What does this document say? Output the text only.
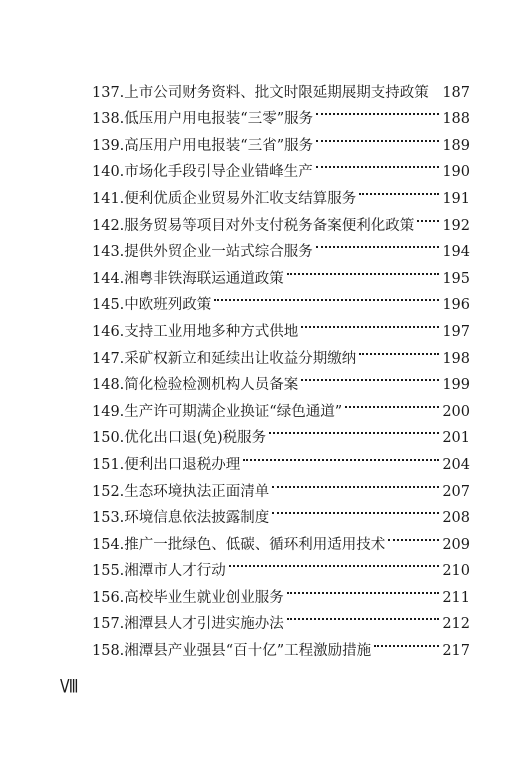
137. 上市公司财务资料、批文时限延期展期支持政策 187
138. 低压用户用电报装“三零”服务	188
139. 高压用户用电报装“三省”服务	189
140. 市场化手段引导企业错峰生产	190
141. 便利优质企业贸易外汇收支结算服务	191
142. 服务贸易等项目对外支付税务备案便利化政策 192
143. 提供外贸企业一站式综合服务	194
144. 湘粤非铁海联运通道政策	195
145. 中欧班列政策	196
146. 支持工业用地多种方式供地	197
147. 采矿权新立和延续出让收益分期缴纳	198
148. 简化检验检测机构人员备案	199
149. 生产许可期满企业换证“绿色通道”	200
150. 优化出口退(免)税服务	201
151. 便利出口退税办理	204
152. 生态环境执法正面清单	207
153. 环境信息依法披露制度	208
154. 推广一批绿色、低碳、循环利用适用技术	209
155. 湘潭市人才行动	210
156. 高校毕业生就业创业服务	211
157. 湘潭县人才引进实施办法	212
158. 湘潭县产业强县“百十亿”工程激励措施	217
Ⅷ
